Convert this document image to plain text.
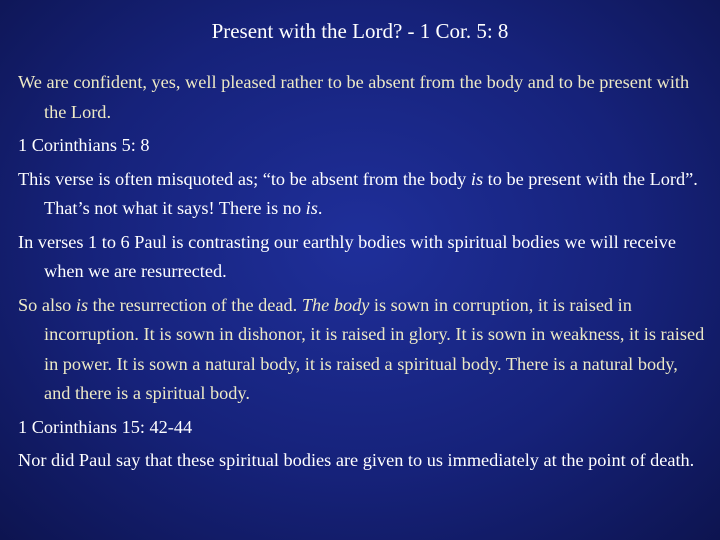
Present with the Lord? - 1 Cor. 5: 8

We are confident, yes, well pleased rather to be absent from the body and to be present with the Lord.

1 Corinthians 5: 8

This verse is often misquoted as; “to be absent from the body is to be present with the Lord”. That’s not what it says! There is no is.

In verses 1 to 6 Paul is contrasting our earthly bodies with spiritual bodies we will receive when we are resurrected.

So also is the resurrection of the dead. The body is sown in corruption, it is raised in incorruption. It is sown in dishonor, it is raised in glory. It is sown in weakness, it is raised in power. It is sown a natural body, it is raised a spiritual body. There is a natural body, and there is a spiritual body.

1 Corinthians 15: 42-44

Nor did Paul say that these spiritual bodies are given to us immediately at the point of death.
